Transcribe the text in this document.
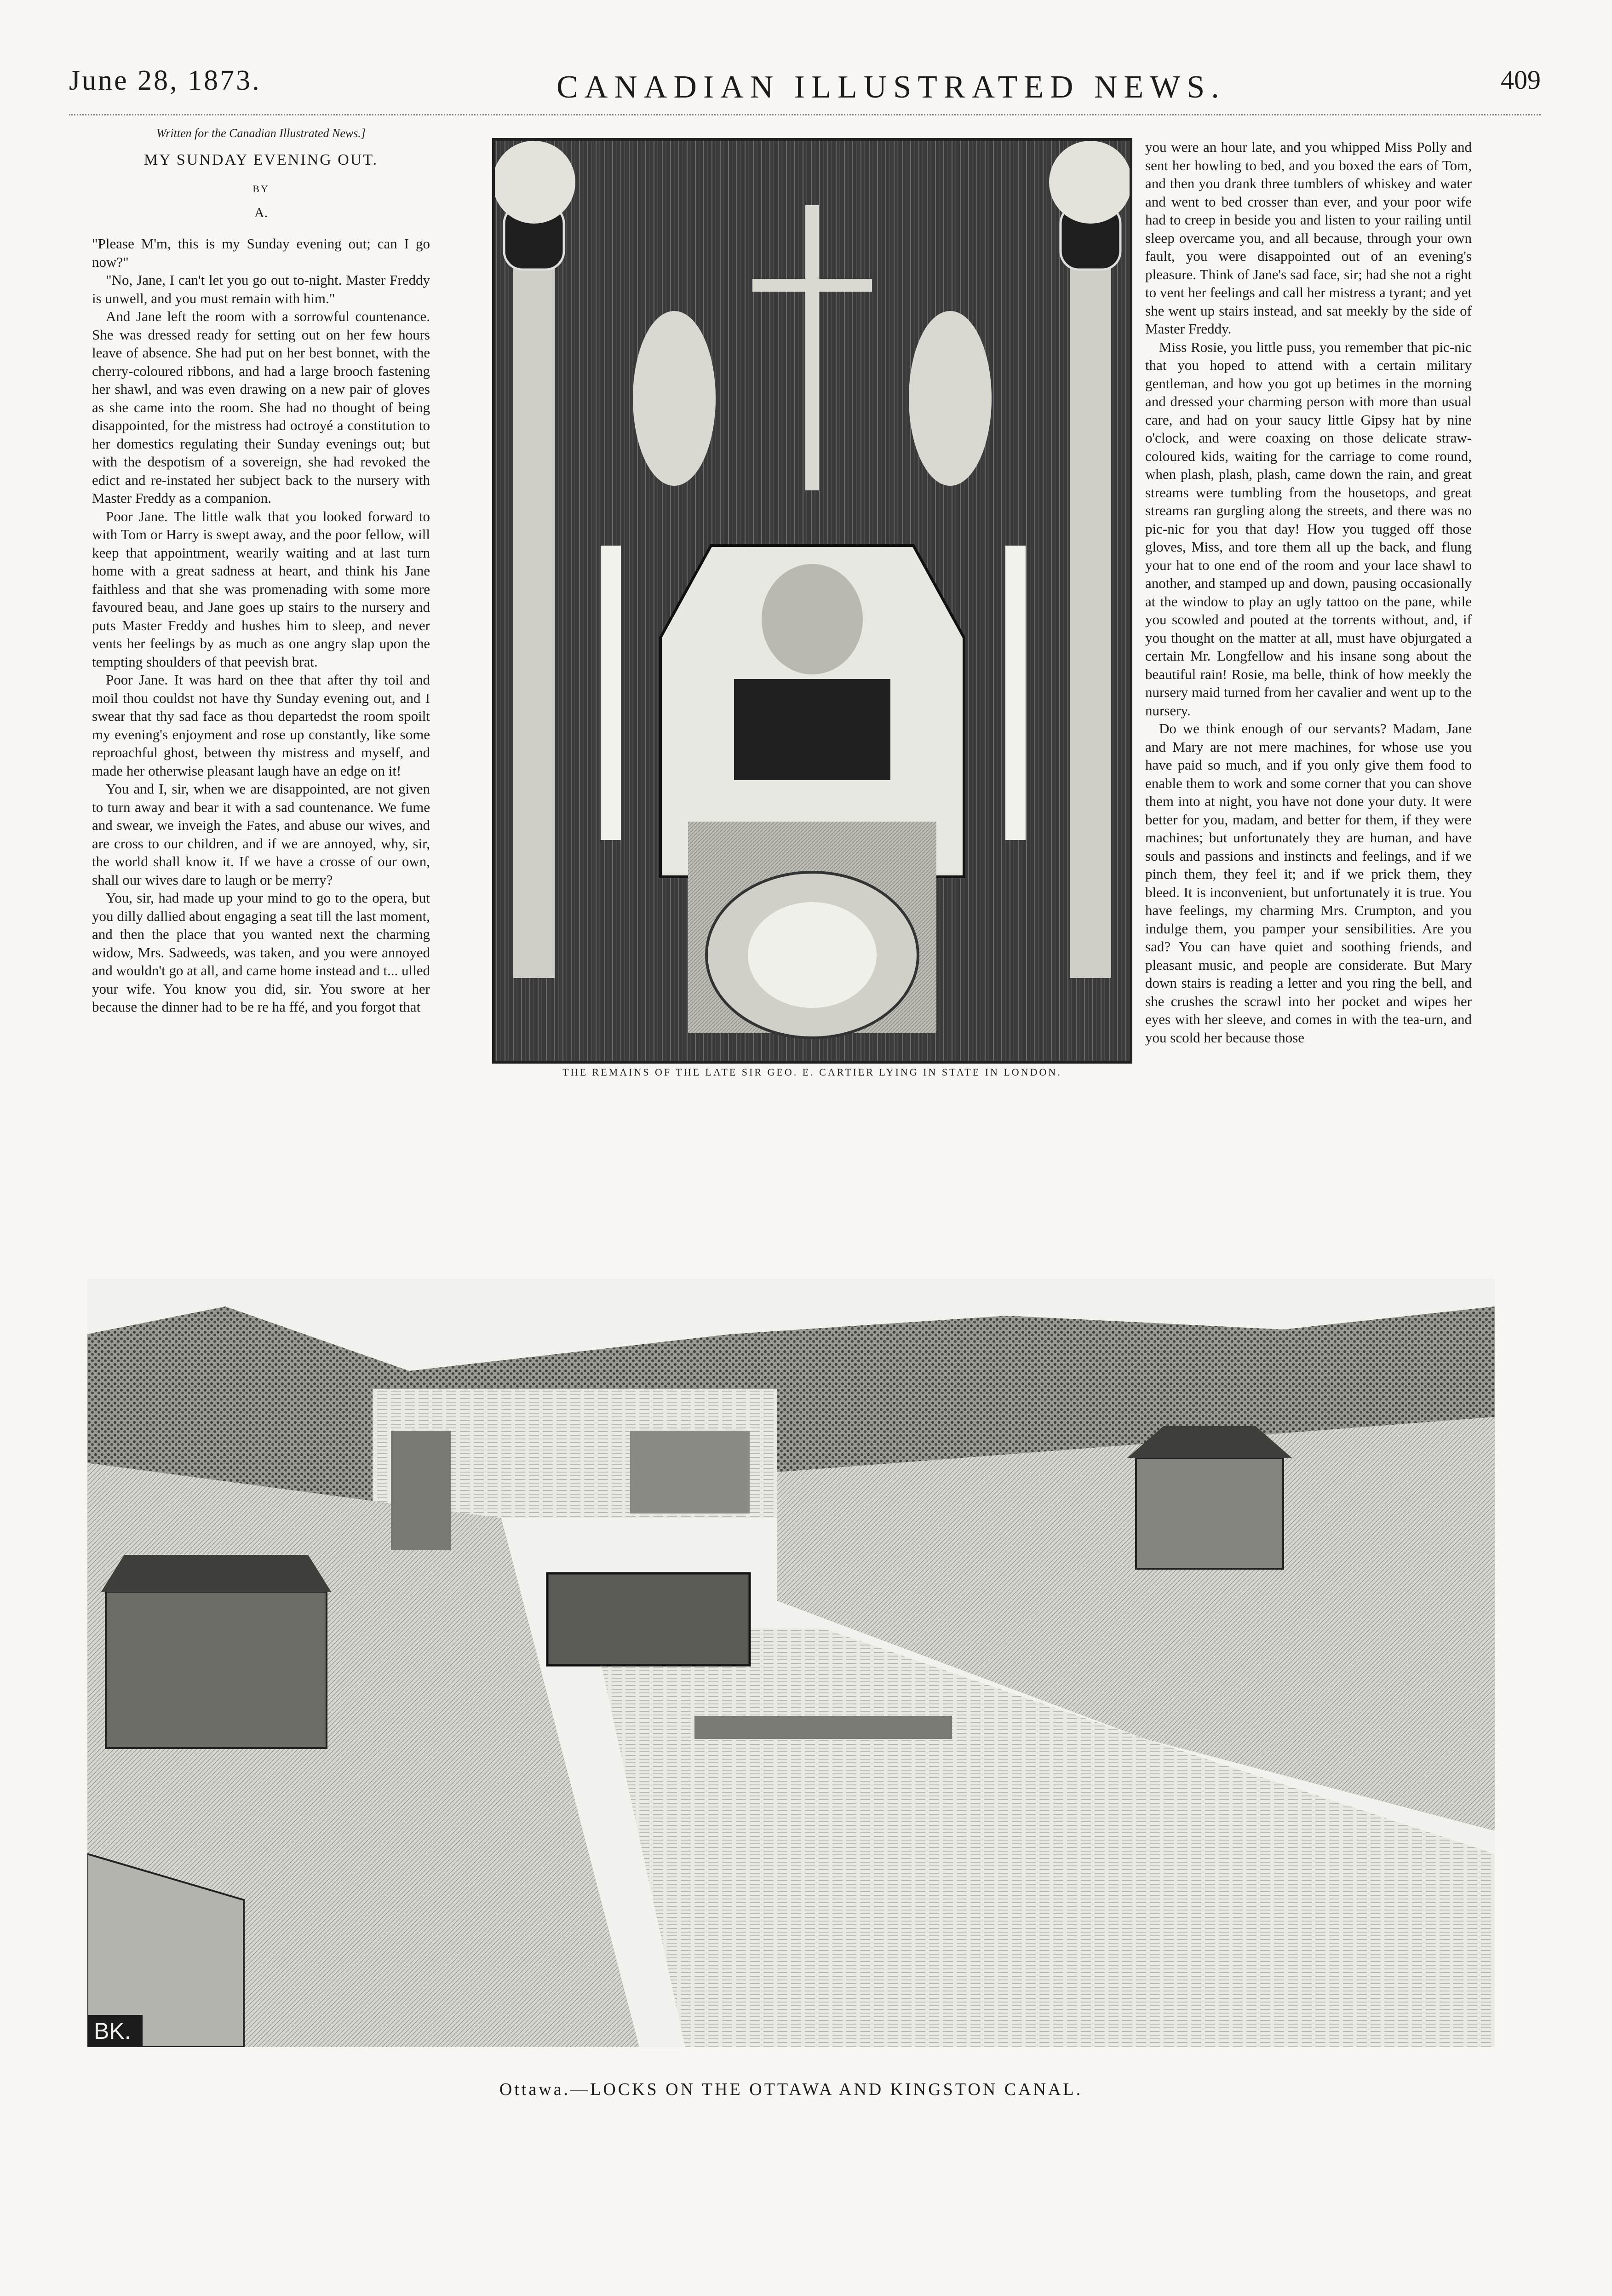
June 28, 1873.	CANADIAN ILLUSTRATED NEWS.	409
Written for the Canadian Illustrated News.]
MY SUNDAY EVENING OUT.
BY
A.

"Please M'm, this is my Sunday evening out; can I go now?"

"No, Jane, I can't let you go out to-night. Master Freddy is unwell, and you must remain with him."

And Jane left the room with a sorrowful countenance. She was dressed ready for setting out on her few hours leave of absence. She had put on her best bonnet, with the cherry-coloured ribbons, and had a large brooch fastening her shawl, and was even drawing on a new pair of gloves as she came into the room. She had no thought of being disappointed, for the mistress had octroyé a constitution to her domestics regulating their Sunday evenings out; but with the despotism of a sovereign, she had revoked the edict and re-instated her subject back to the nursery with Master Freddy as a companion.

Poor Jane. The little walk that you looked forward to with Tom or Harry is swept away, and the poor fellow, will keep that appointment, wearily waiting and at last turn home with a great sadness at heart, and think his Jane faithless and that she was promenading with some more favoured beau, and Jane goes up stairs to the nursery and puts Master Freddy and hushes him to sleep, and never vents her feelings by as much as one angry slap upon the tempting shoulders of that peevish brat.

Poor Jane. It was hard on thee that after thy toil and moil thou couldst not have thy Sunday evening out, and I swear that thy sad face as thou departedst the room spoilt my evening's enjoyment and rose up constantly, like some reproachful ghost, between thy mistress and myself, and made her otherwise pleasant laugh have an edge on it!

You and I, sir, when we are disappointed, are not given to turn away and bear it with a sad countenance. We fume and swear, we inveigh the Fates, and abuse our wives, and are cross to our children, and if we are annoyed, why, sir, the world shall know it. If we have a crosse of our own, shall our wives dare to laugh or be merry?

You, sir, had made up your mind to go to the opera, but you dilly dallied about engaging a seat till the last moment, and then the place that you wanted next the charming widow, Mrs. Sadweeds, was taken, and you were annoyed and wouldn't go at all, and came home instead and t... ulled your wife. You know you did, sir. You swore at her because the dinner had to be re ha ffé, and you forgot that

THE REMAINS OF THE LATE SIR GEO. E. CARTIER LYING IN STATE IN LONDON.

you were an hour late, and you whipped Miss Polly and sent her howling to bed, and you boxed the ears of Tom, and then you drank three tumblers of whiskey and water and went to bed crosser than ever, and your poor wife had to creep in beside you and listen to your railing until sleep overcame you, and all because, through your own fault, you were disappointed out of an evening's pleasure. Think of Jane's sad face, sir; had she not a right to vent her feelings and call her mistress a tyrant; and yet she went up stairs instead, and sat meekly by the side of Master Freddy.

Miss Rosie, you little puss, you remember that pic-nic that you hoped to attend with a certain military gentleman, and how you got up betimes in the morning and dressed your charming person with more than usual care, and had on your saucy little Gipsy hat by nine o'clock, and were coaxing on those delicate straw-coloured kids, waiting for the carriage to come round, when plash, plash, plash, came down the rain, and great streams were tumbling from the housetops, and great streams ran gurgling along the streets, and there was no pic-nic for you that day! How you tugged off those gloves, Miss, and tore them all up the back, and flung your hat to one end of the room and your lace shawl to another, and stamped up and down, pausing occasionally at the window to play an ugly tattoo on the pane, while you scowled and pouted at the torrents without, and, if you thought on the matter at all, must have objurgated a certain Mr. Longfellow and his insane song about the beautiful rain! Rosie, ma belle, think of how meekly the nursery maid turned from her cavalier and went up to the nursery.

Do we think enough of our servants? Madam, Jane and Mary are not mere machines, for whose use you have paid so much, and if you only give them food to enable them to work and some corner that you can shove them into at night, you have not done your duty. It were better for you, madam, and better for them, if they were machines; but unfortunately they are human, and have souls and passions and instincts and feelings, and if we pinch them, they feel it; and if we prick them, they bleed. It is inconvenient, but unfortunately it is true. You have feelings, my charming Mrs. Crumpton, and you indulge them, you pamper your sensibilities. Are you sad? You can have quiet and soothing friends, and pleasant music, and people are considerate. But Mary down stairs is reading a letter and you ring the bell, and she crushes the scrawl into her pocket and wipes her eyes with her sleeve, and comes in with the tea-urn, and you scold her because those

BK.
Ottawa.—LOCKS ON THE OTTAWA AND KINGSTON CANAL.
